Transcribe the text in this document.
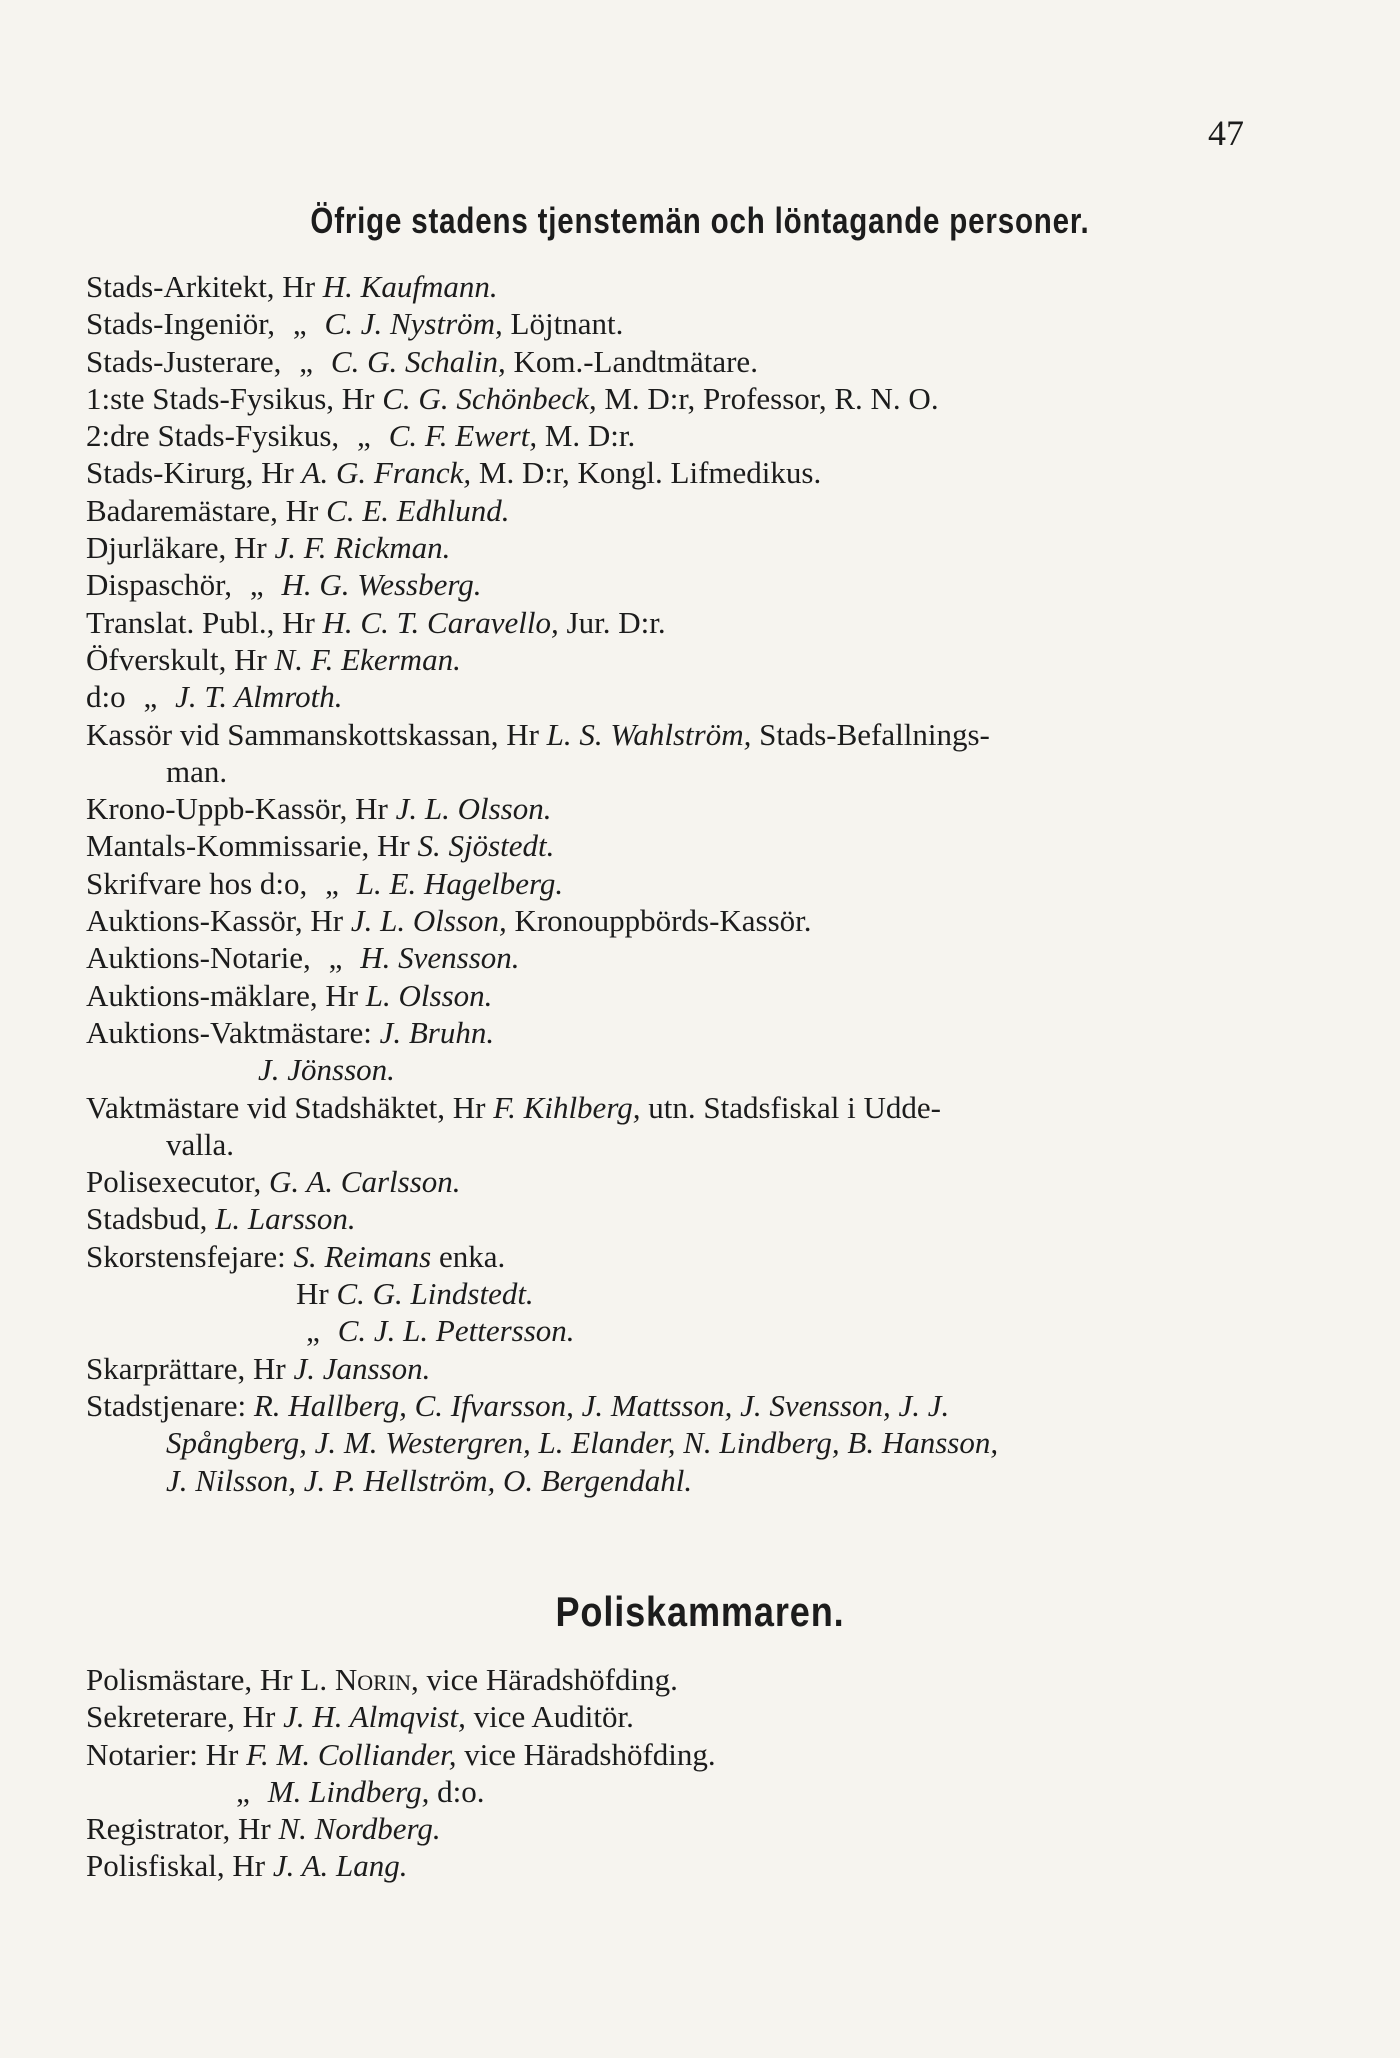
47
Öfrige stadens tjenstemän och löntagande personer.
Stads-Arkitekt, Hr H. Kaufmann.
Stads-Ingeniör, „ C. J. Nyström, Löjtnant.
Stads-Justerare, „ C. G. Schalin, Kom.-Landtmätare.
1:ste Stads-Fysikus, Hr C. G. Schönbeck, M. D:r, Professor, R. N. O.
2:dre Stads-Fysikus, „ C. F. Ewert, M. D:r.
Stads-Kirurg, Hr A. G. Franck, M. D:r, Kongl. Lifmedikus.
Badaremästare, Hr C. E. Edhlund.
Djurläkare, Hr J. F. Rickman.
Dispaschör, „ H. G. Wessberg.
Translat. Publ., Hr H. C. T. Caravello, Jur. D:r.
Öfverskult, Hr N. F. Ekerman.
d:o „ J. T. Almroth.
Kassör vid Sammanskottskassan, Hr L. S. Wahlström, Stads-Befallnings-
man.
Krono-Uppb-Kassör, Hr J. L. Olsson.
Mantals-Kommissarie, Hr S. Sjöstedt.
Skrifvare hos d:o, „ L. E. Hagelberg.
Auktions-Kassör, Hr J. L. Olsson, Kronouppbörds-Kassör.
Auktions-Notarie, „ H. Svensson.
Auktions-mäklare, Hr L. Olsson.
Auktions-Vaktmästare: J. Bruhn.
J. Jönsson.
Vaktmästare vid Stadshäktet, Hr F. Kihlberg, utn. Stadsfiskal i Udde-
valla.
Polisexecutor, G. A. Carlsson.
Stadsbud, L. Larsson.
Skorstensfejare: S. Reimans enka.
Hr C. G. Lindstedt.
„ C. J. L. Pettersson.
Skarprättare, Hr J. Jansson.
Stadstjenare: R. Hallberg, C. Ifvarsson, J. Mattsson, J. Svensson, J. J.
Spångberg, J. M. Westergren, L. Elander, N. Lindberg, B. Hansson,
J. Nilsson, J. P. Hellström, O. Bergendahl.
Poliskammaren.
Polismästare, Hr L. Norin, vice Häradshöfding.
Sekreterare, Hr J. H. Almqvist, vice Auditör.
Notarier: Hr F. M. Colliander, vice Häradshöfding.
„ M. Lindberg, d:o.
Registrator, Hr N. Nordberg.
Polisfiskal, Hr J. A. Lang.
